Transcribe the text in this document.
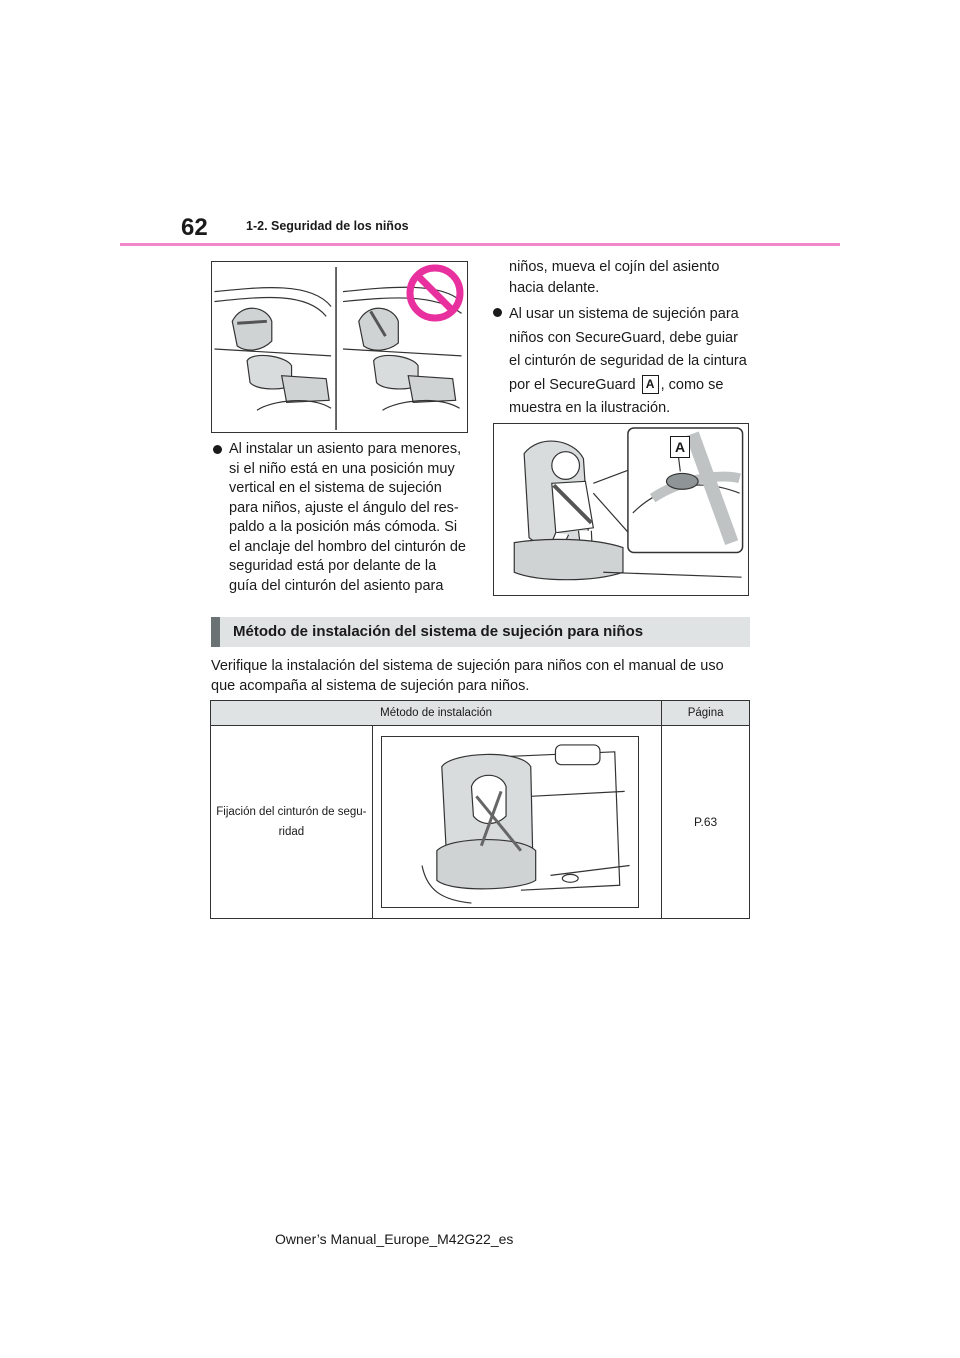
62	1-2. Seguridad de los niños
Al instalar un asiento para menores, si el niño está en una posición muy vertical en el sistema de sujeción para niños, ajuste el ángulo del res-paldo a la posición más cómoda. Si el anclaje del hombro del cinturón de seguridad está por delante de la guía del cinturón del asiento para
niños, mueva el cojín del asiento hacia delante.
Al usar un sistema de sujeción para niños con SecureGuard, debe guiar el cinturón de seguridad de la cintura por el SecureGuard A , como se muestra en la ilustración.
A
Método de instalación del sistema de sujeción para niños
Verifique la instalación del sistema de sujeción para niños con el manual de uso que acompaña al sistema de sujeción para niños.
Método de instalación		Página

Fijación del cinturón de segu-
ridad		P.63
Owner’s Manual_Europe_M42G22_es
